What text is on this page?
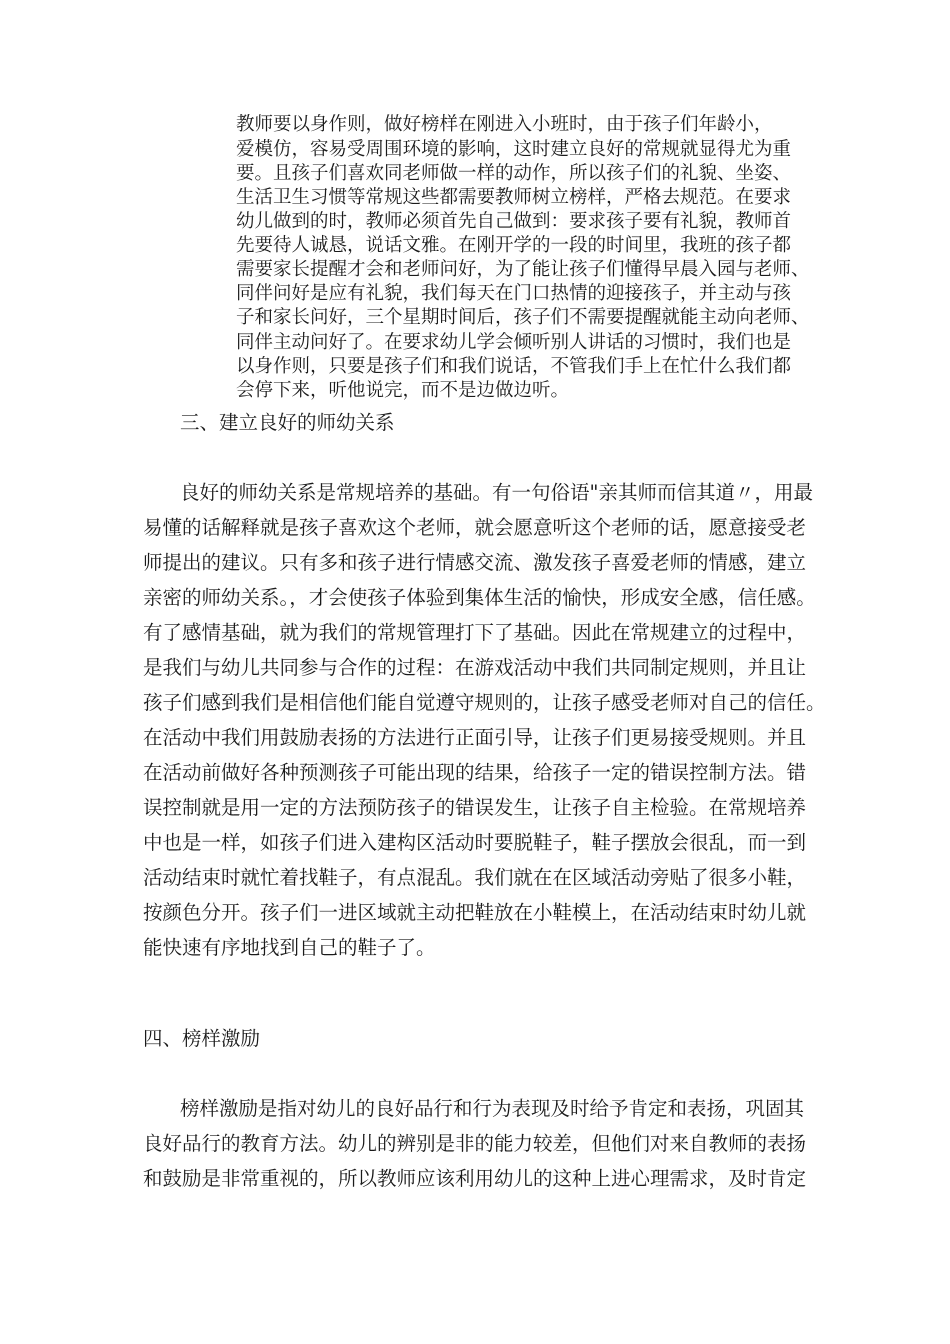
教师要以身作则，做好榜样在刚进入小班时，由于孩子们年龄小，
爱模仿，容易受周围环境的影响，这时建立良好的常规就显得尤为重
要。且孩子们喜欢同老师做一样的动作，所以孩子们的礼貌、坐姿、
生活卫生习惯等常规这些都需要教师树立榜样，严格去规范。在要求
幼儿做到的时，教师必须首先自己做到：要求孩子要有礼貌，教师首
先要待人诚恳，说话文雅。在刚开学的一段的时间里，我班的孩子都
需要家长提醒才会和老师问好，为了能让孩子们懂得早晨入园与老师、
同伴问好是应有礼貌，我们每天在门口热情的迎接孩子，并主动与孩
子和家长问好，三个星期时间后，孩子们不需要提醒就能主动向老师、
同伴主动问好了。在要求幼儿学会倾听别人讲话的习惯时，我们也是
以身作则，只要是孩子们和我们说话，不管我们手上在忙什么我们都
会停下来，听他说完，而不是边做边听。
三、建立良好的师幼关系
良好的师幼关系是常规培养的基础。有一句俗语"亲其师而信其道〃，用最
易懂的话解释就是孩子喜欢这个老师，就会愿意听这个老师的话，愿意接受老
师提出的建议。只有多和孩子进行情感交流、激发孩子喜爱老师的情感，建立
亲密的师幼关系。，才会使孩子体验到集体生活的愉快，形成安全感，信任感。
有了感情基础，就为我们的常规管理打下了基础。因此在常规建立的过程中，
是我们与幼儿共同参与合作的过程：在游戏活动中我们共同制定规则，并且让
孩子们感到我们是相信他们能自觉遵守规则的，让孩子感受老师对自己的信任。
在活动中我们用鼓励表扬的方法进行正面引导，让孩子们更易接受规则。并且
在活动前做好各种预测孩子可能出现的结果，给孩子一定的错误控制方法。错
误控制就是用一定的方法预防孩子的错误发生，让孩子自主检验。在常规培养
中也是一样，如孩子们进入建构区活动时要脱鞋子，鞋子摆放会很乱，而一到
活动结束时就忙着找鞋子，有点混乱。我们就在在区域活动旁贴了很多小鞋，
按颜色分开。孩子们一进区域就主动把鞋放在小鞋模上，在活动结束时幼儿就
能快速有序地找到自己的鞋子了。
四、榜样激励
榜样激励是指对幼儿的良好品行和行为表现及时给予肯定和表扬，巩固其
良好品行的教育方法。幼儿的辨别是非的能力较差，但他们对来自教师的表扬
和鼓励是非常重视的，所以教师应该利用幼儿的这种上进心理需求，及时肯定
